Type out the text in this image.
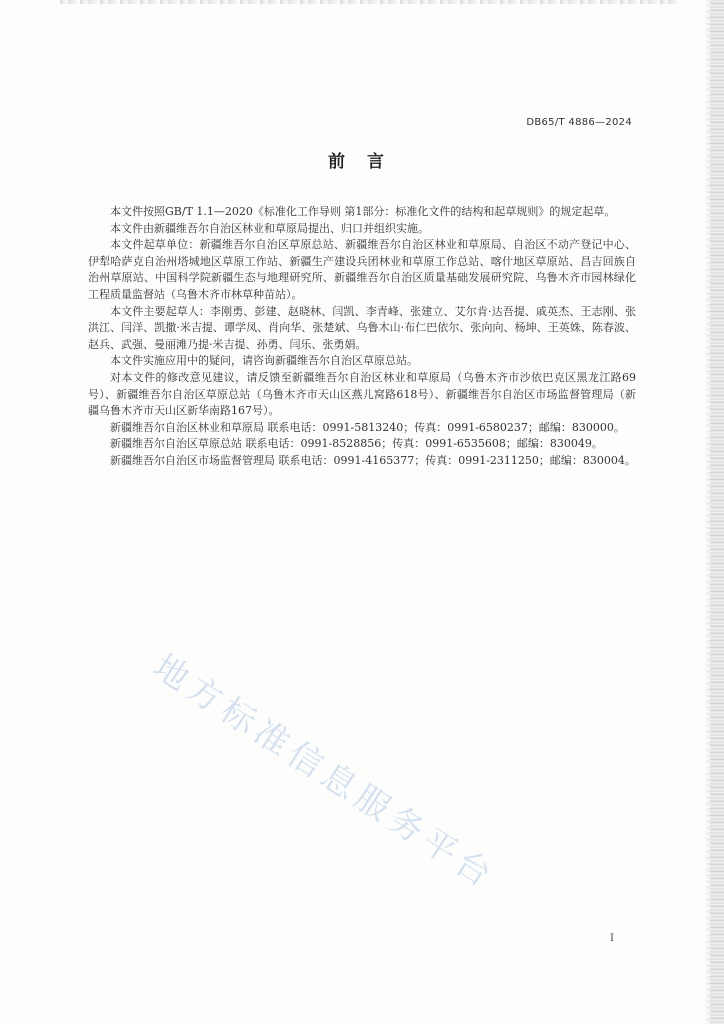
DB65/T 4886—2024
前言

本文件按照GB/T 1.1—2020《标准化工作导则 第1部分：标准化文件的结构和起草规则》的规定起草。

本文件由新疆维吾尔自治区林业和草原局提出、归口并组织实施。

本文件起草单位：新疆维吾尔自治区草原总站、新疆维吾尔自治区林业和草原局、自治区不动产登记中心、伊犁哈萨克自治州塔城地区草原工作站、新疆生产建设兵团林业和草原工作总站、喀什地区草原站、昌吉回族自治州草原站、中国科学院新疆生态与地理研究所、新疆维吾尔自治区质量基础发展研究院、乌鲁木齐市园林绿化工程质量监督站（乌鲁木齐市林草种苗站）。

本文件主要起草人：李刚勇、彭建、赵晓林、闫凯、李青峰、张建立、艾尔肯·达吾提、戚英杰、王志刚、张洪江、闫洋、凯撒·米吉提、谭学凤、肖向华、张楚斌、乌鲁木山·布仁巴依尔、张向向、杨坤、王英姝、陈春波、赵兵、武强、曼丽滩乃提·米吉提、孙勇、闫乐、张勇娟。

本文件实施应用中的疑问，请咨询新疆维吾尔自治区草原总站。

对本文件的修改意见建议，请反馈至新疆维吾尔自治区林业和草原局（乌鲁木齐市沙依巴克区黑龙江路69号）、新疆维吾尔自治区草原总站（乌鲁木齐市天山区燕儿窝路618号）、新疆维吾尔自治区市场监督管理局（新疆乌鲁木齐市天山区新华南路167号）。

新疆维吾尔自治区林业和草原局 联系电话：0991-5813240；传真：0991-6580237；邮编：830000。

新疆维吾尔自治区草原总站 联系电话：0991-8528856；传真：0991-6535608；邮编：830049。

新疆维吾尔自治区市场监督管理局 联系电话：0991-4165377；传真：0991-2311250；邮编：830004。

地方标准信息服务平台
I
